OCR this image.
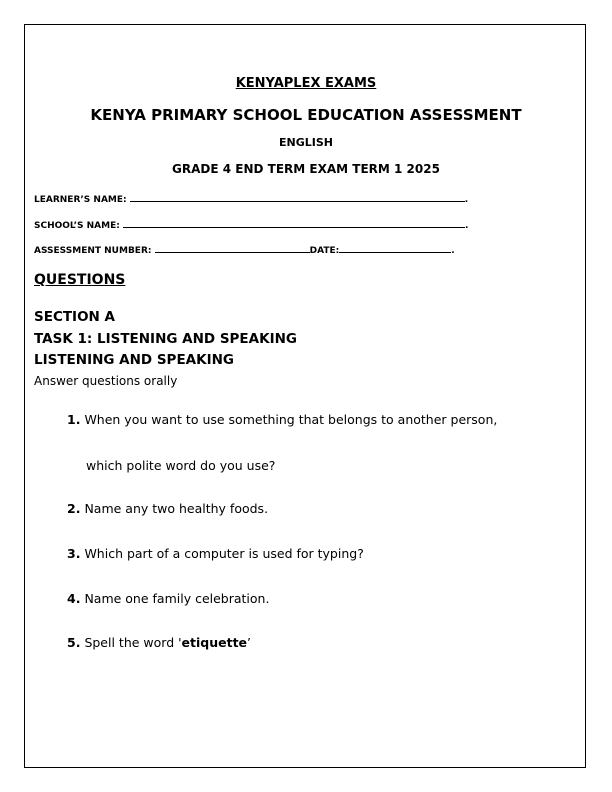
KENYAPLEX EXAMS
KENYA PRIMARY SCHOOL EDUCATION ASSESSMENT
ENGLISH
GRADE 4 END TERM EXAM TERM 1 2025
LEARNER’S NAME:	.
SCHOOL’S NAME:	.
ASSESSMENT NUMBER:	DATE:	.
QUESTIONS
SECTION A
TASK 1: LISTENING AND SPEAKING
LISTENING AND SPEAKING
Answer questions orally
1. When you want to use something that belongs to another person,
which polite word do you use?
2. Name any two healthy foods.
3. Which part of a computer is used for typing?
4. Name one family celebration.
5. Spell the word 'etiquette’
